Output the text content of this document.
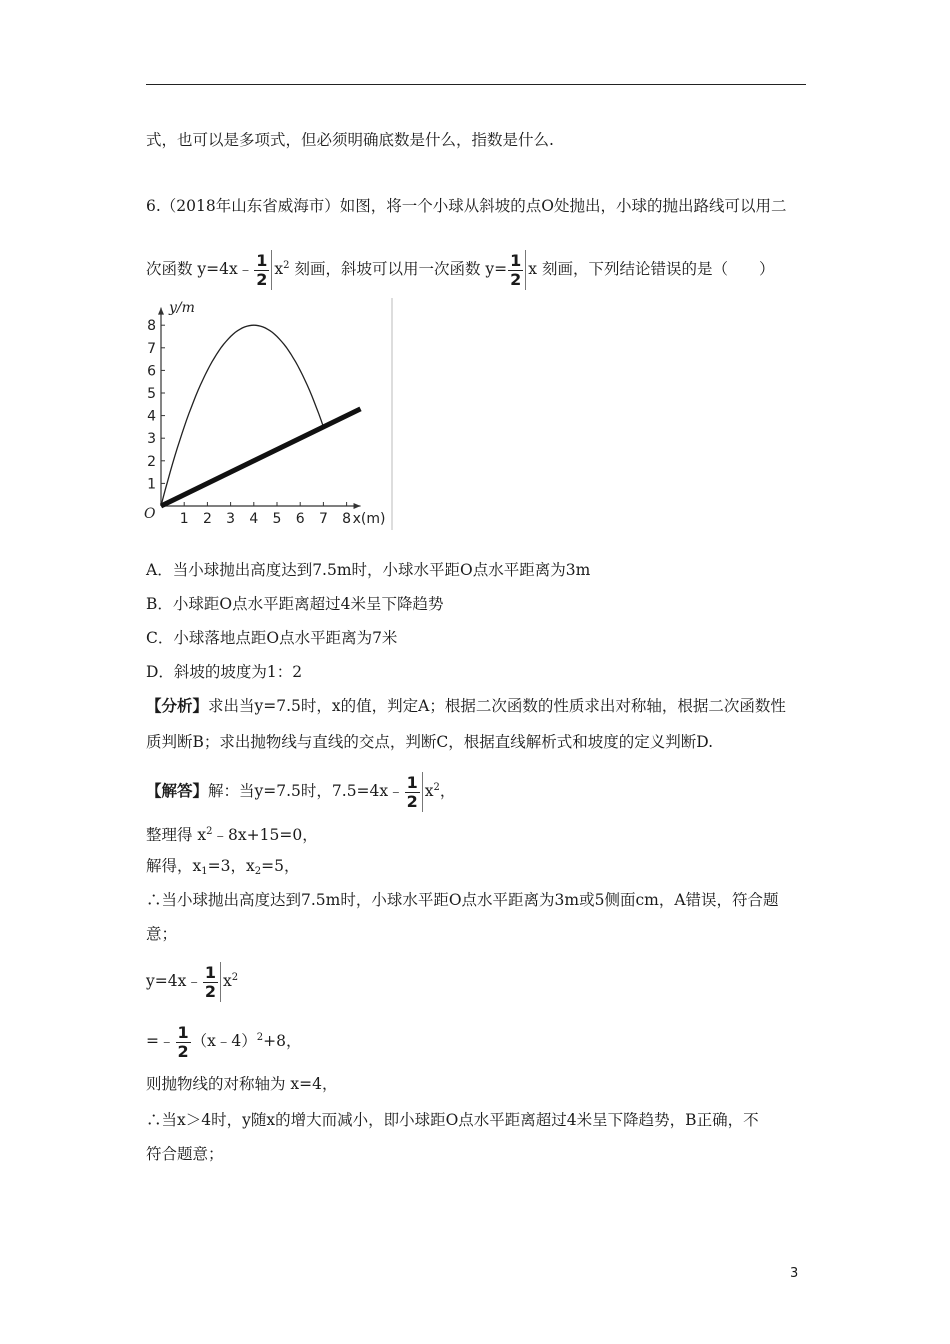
式，也可以是多项式，但必须明确底数是什么，指数是什么.
6.（2018年山东省威海市）如图，将一个小球从斜坡的点O处抛出，小球的抛出路线可以用二
次函数 y=4x﹣ $\frac{1}{2} x^2$ 刻画，斜坡可以用一次函数 $y= \frac{1}{2}$ x 刻画，下列结论错误的是（　　）
1 2 3 4 5 6 7 8
1
2
3
4
5
6
7
8
O
y/m
x(m)
A．当小球抛出高度达到7.5m时，小球水平距O点水平距离为3m
B．小球距O点水平距离超过4米呈下降趋势
C．小球落地点距O点水平距离为7米
D．斜坡的坡度为1：2
【分析】求出当y=7.5时，x的值，判定A；根据二次函数的性质求出对称轴，根据二次函数性
质判断B；求出抛物线与直线的交点，判断C，根据直线解析式和坡度的定义判断D.
【解答】解：当y=7.5时，7.5=4x﹣ $\frac{1}{2} x^2$，
整理得 $x^2﹣8x+15=0$，
解得，$x_1=3$，$x_2=5$，
∴当小球抛出高度达到7.5m时，小球水平距O点水平距离为3m或5侧面cm，A错误，符合题
意；
y=4x﹣ $\frac{1}{2} x^2$
=﹣ $\frac{1}{2}$ （x﹣4）$^2$+8，
则抛物线的对称轴为 x=4，
∴当x＞4时，y随x的增大而减小，即小球距O点水平距离超过4米呈下降趋势，B正确，不
符合题意；
3
